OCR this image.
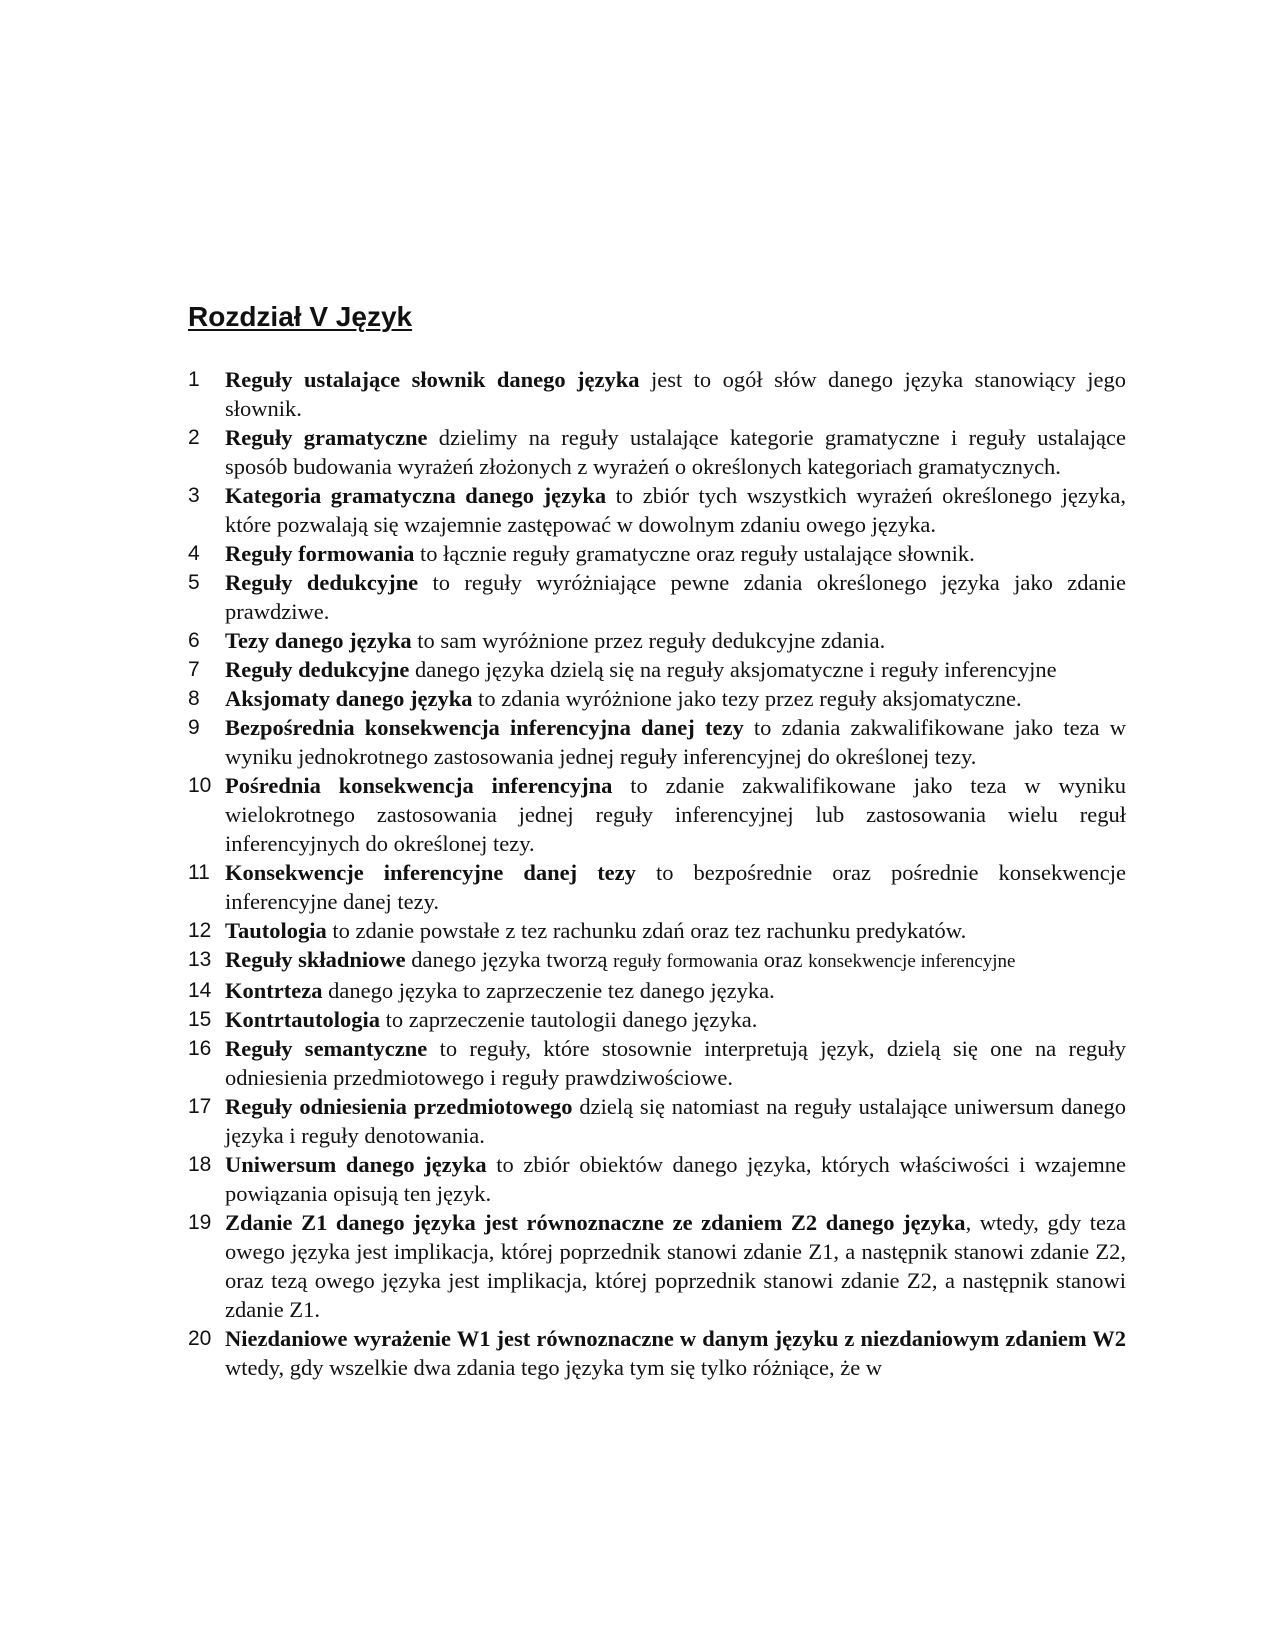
Rozdział V Język
1	Reguły ustalające słownik danego języka jest to ogół słów danego języka stanowiący jego słownik.
2	Reguły gramatyczne dzielimy na reguły ustalające kategorie gramatyczne i reguły ustalające sposób budowania wyrażeń złożonych z wyrażeń o określonych kategoriach gramatycznych.
3	Kategoria gramatyczna danego języka to zbiór tych wszystkich wyrażeń określonego języka, które pozwalają się wzajemnie zastępować w dowolnym zdaniu owego języka.
4	Reguły formowania to łącznie reguły gramatyczne oraz reguły ustalające słownik.
5	Reguły dedukcyjne to reguły wyróżniające pewne zdania określonego języka jako zdanie prawdziwe.
6	Tezy danego języka to sam wyróżnione przez reguły dedukcyjne zdania.
7	Reguły dedukcyjne danego języka dzielą się na reguły aksjomatyczne i reguły inferencyjne
8	Aksjomaty danego języka to zdania wyróżnione jako tezy przez reguły aksjomatyczne.
9	Bezpośrednia konsekwencja inferencyjna danej tezy to zdania zakwalifikowane jako teza w wyniku jednokrotnego zastosowania jednej reguły inferencyjnej do określonej tezy.
10 Pośrednia konsekwencja inferencyjna to zdanie zakwalifikowane jako teza w wyniku wielokrotnego zastosowania jednej reguły inferencyjnej lub zastosowania wielu reguł inferencyjnych do określonej tezy.
11 Konsekwencje inferencyjne danej tezy to bezpośrednie oraz pośrednie konsekwencje inferencyjne danej tezy.
12 Tautologia to zdanie powstałe z tez rachunku zdań oraz tez rachunku predykatów.
13 Reguły składniowe danego języka tworzą reguły formowania oraz konsekwencje inferencyjne
14 Kontrteza danego języka to zaprzeczenie tez danego języka.
15 Kontrtautologia to zaprzeczenie tautologii danego języka.
16 Reguły semantyczne to reguły, które stosownie interpretują język, dzielą się one na reguły odniesienia przedmiotowego i reguły prawdziwościowe.
17 Reguły odniesienia przedmiotowego dzielą się natomiast na reguły ustalające uniwersum danego języka i reguły denotowania.
18 Uniwersum danego języka to zbiór obiektów danego języka, których właściwości i wzajemne powiązania opisują ten język.
19 Zdanie Z1 danego języka jest równoznaczne ze zdaniem Z2 danego języka, wtedy, gdy teza owego języka jest implikacja, której poprzednik stanowi zdanie Z1, a następnik stanowi zdanie Z2, oraz tezą owego języka jest implikacja, której poprzednik stanowi zdanie Z2, a następnik stanowi zdanie Z1.
20 Niezdaniowe wyrażenie W1 jest równoznaczne w danym języku z niezdaniowym zdaniem W2 wtedy, gdy wszelkie dwa zdania tego języka tym się tylko różniące, że w
